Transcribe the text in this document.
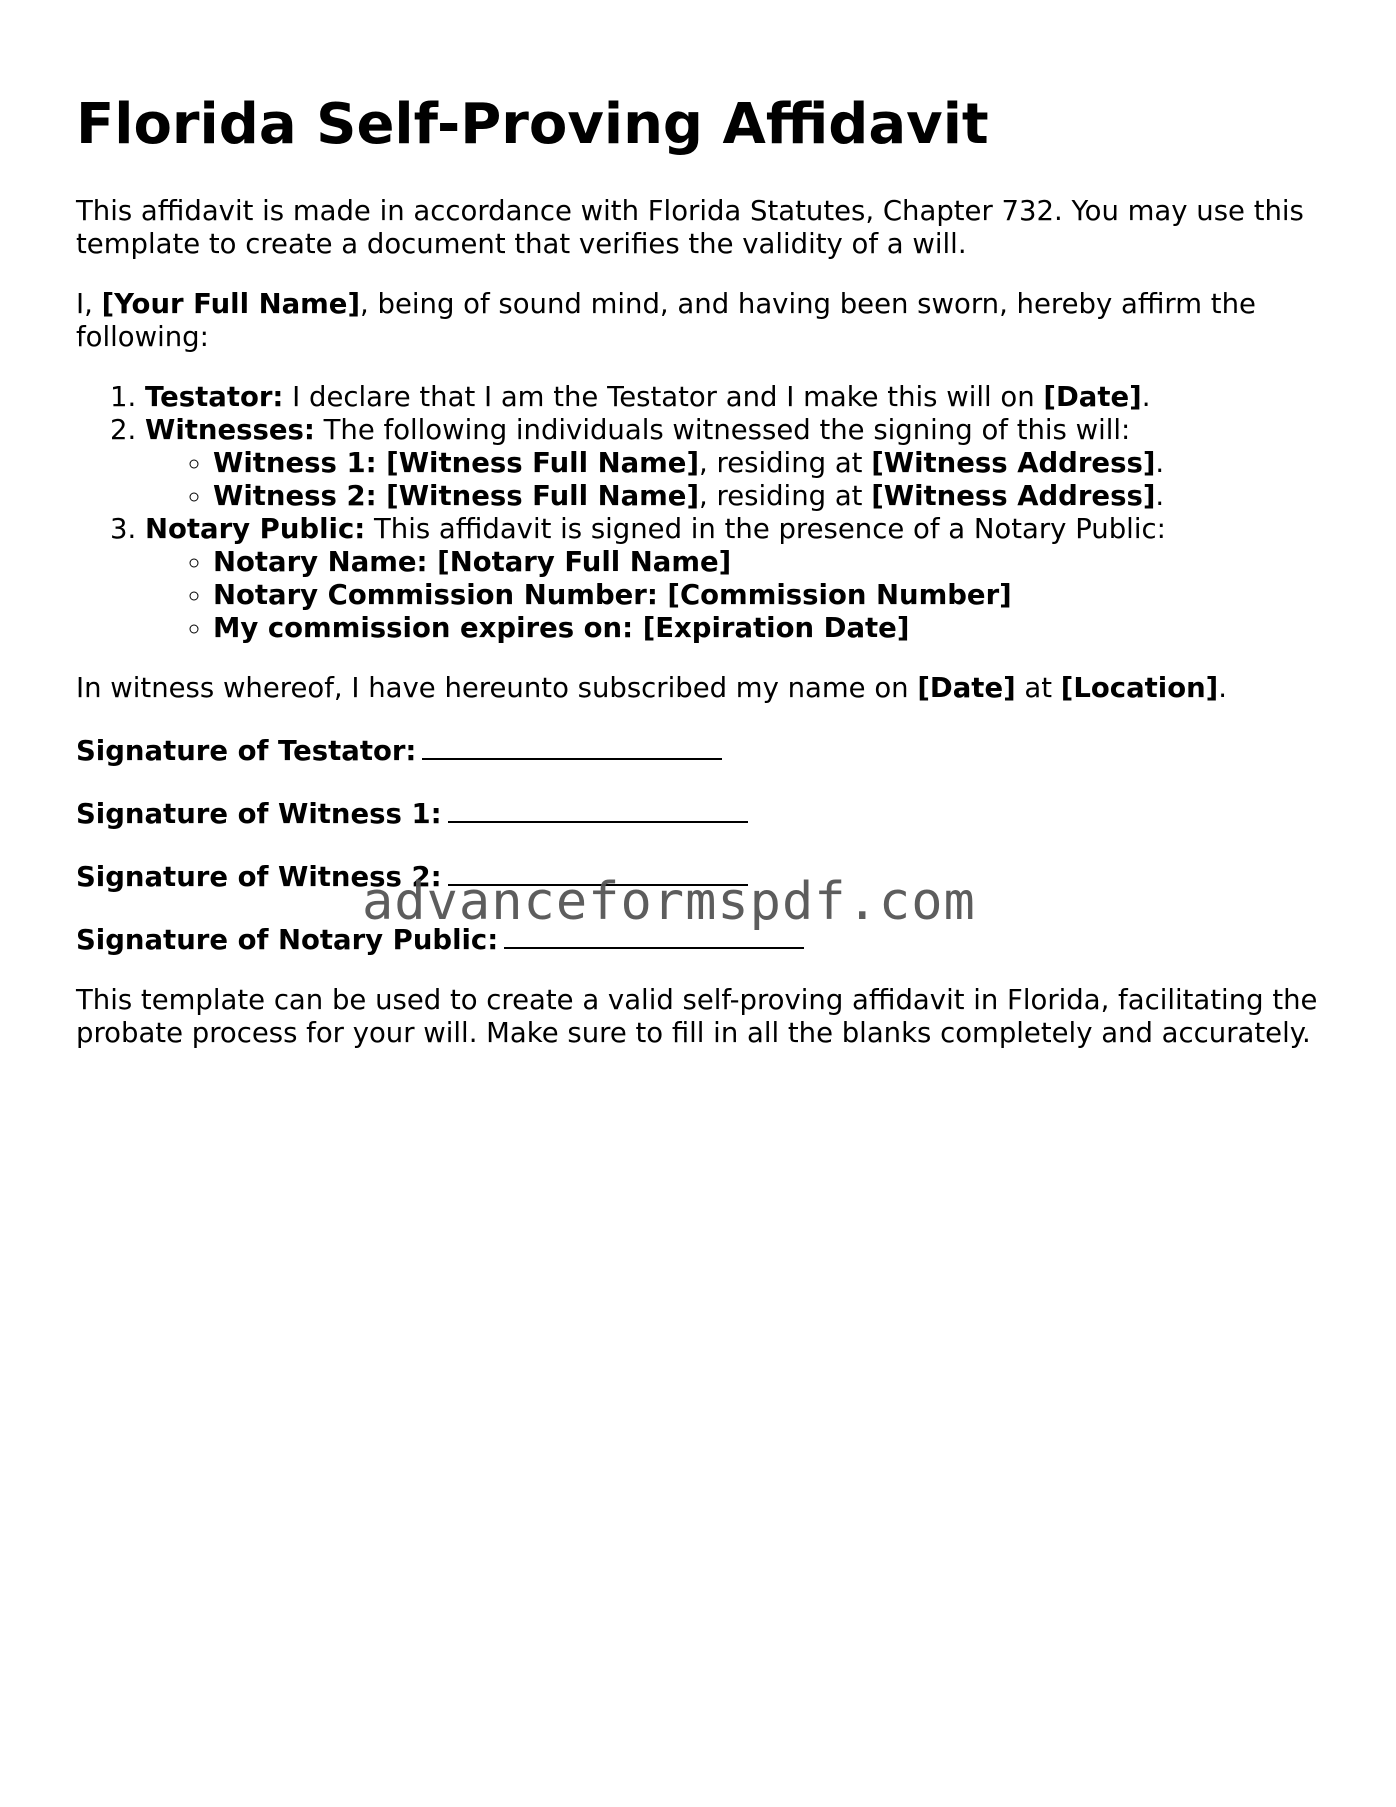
Florida Self-Proving Affidavit

This affidavit is made in accordance with Florida Statutes, Chapter 732. You may use this template to create a document that verifies the validity of a will.

I, [Your Full Name], being of sound mind, and having been sworn, hereby affirm the following:

1. Testator: I declare that I am the Testator and I make this will on [Date].
2. Witnesses: The following individuals witnessed the signing of this will:
◦ Witness 1: [Witness Full Name], residing at [Witness Address].
◦ Witness 2: [Witness Full Name], residing at [Witness Address].
3. Notary Public: This affidavit is signed in the presence of a Notary Public:
◦ Notary Name: [Notary Full Name]
◦ Notary Commission Number: [Commission Number]
◦ My commission expires on: [Expiration Date]

In witness whereof, I have hereunto subscribed my name on [Date] at [Location].

Signature of Testator:
Signature of Witness 1:
Signature of Witness 2:
Signature of Notary Public:

This template can be used to create a valid self-proving affidavit in Florida, facilitating the probate process for your will. Make sure to fill in all the blanks completely and accurately.

advanceformspdf.com
